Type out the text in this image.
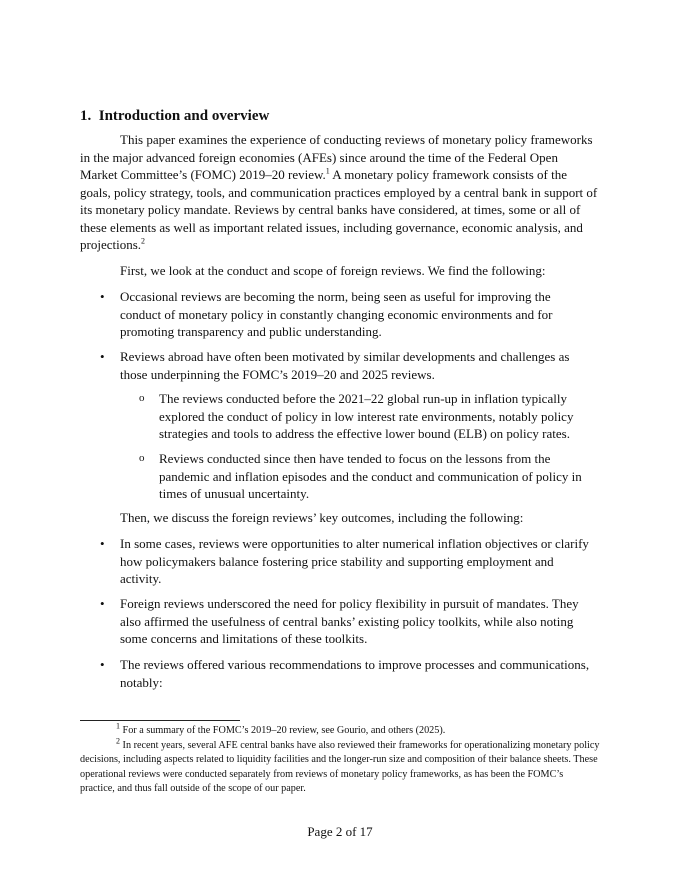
1. Introduction and overview
This paper examines the experience of conducting reviews of monetary policy frameworks in the major advanced foreign economies (AFEs) since around the time of the Federal Open Market Committee’s (FOMC) 2019–20 review.$^1$ A monetary policy framework consists of the goals, policy strategy, tools, and communication practices employed by a central bank in support of its monetary policy mandate. Reviews by central banks have considered, at times, some or all of these elements as well as important related issues, including governance, economic analysis, and projections.$^2$
First, we look at the conduct and scope of foreign reviews. We find the following:
• Occasional reviews are becoming the norm, being seen as useful for improving the conduct of monetary policy in constantly changing economic environments and for promoting transparency and public understanding.
• Reviews abroad have often been motivated by similar developments and challenges as those underpinning the FOMC’s 2019–20 and 2025 reviews.
o The reviews conducted before the 2021–22 global run-up in inflation typically explored the conduct of policy in low interest rate environments, notably policy strategies and tools to address the effective lower bound (ELB) on policy rates.
o Reviews conducted since then have tended to focus on the lessons from the pandemic and inflation episodes and the conduct and communication of policy in times of unusual uncertainty.
Then, we discuss the foreign reviews’ key outcomes, including the following:
• In some cases, reviews were opportunities to alter numerical inflation objectives or clarify how policymakers balance fostering price stability and supporting employment and activity.
• Foreign reviews underscored the need for policy flexibility in pursuit of mandates. They also affirmed the usefulness of central banks’ existing policy toolkits, while also noting some concerns and limitations of these toolkits.
• The reviews offered various recommendations to improve processes and communications, notably:

$^1$ For a summary of the FOMC’s 2019–20 review, see Gourio, and others (2025).

$^2$ In recent years, several AFE central banks have also reviewed their frameworks for operationalizing monetary policy decisions, including aspects related to liquidity facilities and the longer-run size and composition of their balance sheets. These operational reviews were conducted separately from reviews of monetary policy frameworks, as has been the FOMC’s practice, and thus fall outside of the scope of our paper.

Page 2 of 17
